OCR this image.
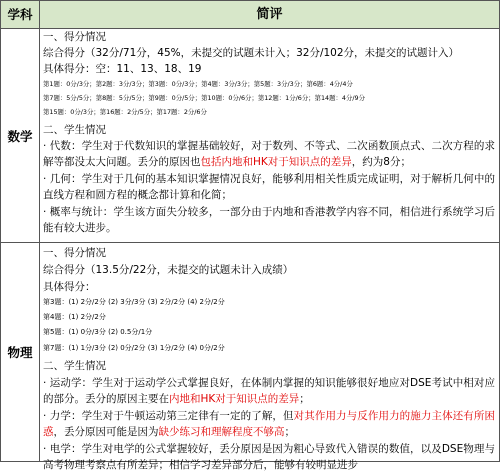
学科	简评
数学
一、得分情况
综合得分（32分/71分，45%，未提交的试题未计入；32分/102分，未提交的试题计入）
具体得分：空：11、13、18、19
第1题：0分/3分；第2题：3分/3分；第3题：0分/3分；第4题：3分/3分；第5题：3分/3分；第6题：4分/4分
第7题：5分/5分；第8题：5分/5分；第9题：0分/5分；第10题：0分/6分；第12题：1分/6分；第14题：4分/9分
第15题：0分/3分；第16题：2分/5分；第17题：2分/6分
二、学生情况
· 代数：学生对于代数知识的掌握基础较好，对于数列、不等式、二次函数顶点式、二次方程的求解等都没太大问题。丢分的原因也包括内地和HK对于知识点的差异，约为8分；
· 几何：学生对于几何的基本知识掌握情况良好，能够利用相关性质完成证明，对于解析几何中的直线方程和圆方程的概念都计算和化简；
· 概率与统计：学生该方面失分较多，一部分由于内地和香港教学内容不同，相信进行系统学习后能有较大进步。
物理
一、得分情况
综合得分（13.5分/22分，未提交的试题未计入成绩）
具体得分：
第3题：(1) 2分/2分 (2) 3分/3分 (3) 2分/2分 (4) 2分/2分
第4题：(1) 2分/2分
第5题：(1) 0分/3分 (2) 0.5分/1分
第7题：(1) 1分/3分 (2) 0分/2分 (3) 1分/2分 (4) 0分/2分
二、学生情况
· 运动学：学生对于运动学公式掌握良好，在体制内掌握的知识能够很好地应对DSE考试中相对应的部分。丢分的原因主要在内地和HK对于知识点的差异；
· 力学：学生对于牛顿运动第三定律有一定的了解，但对其作用力与反作用力的施力主体还有所困惑，丢分原因可能是因为缺少练习和理解程度不够高；
· 电学：学生对电学的公式掌握较好，丢分原因是因为粗心导致代入错误的数值，以及DSE物理与高考物理考察点有所差异；相信学习差异部分后，能够有较明显进步
